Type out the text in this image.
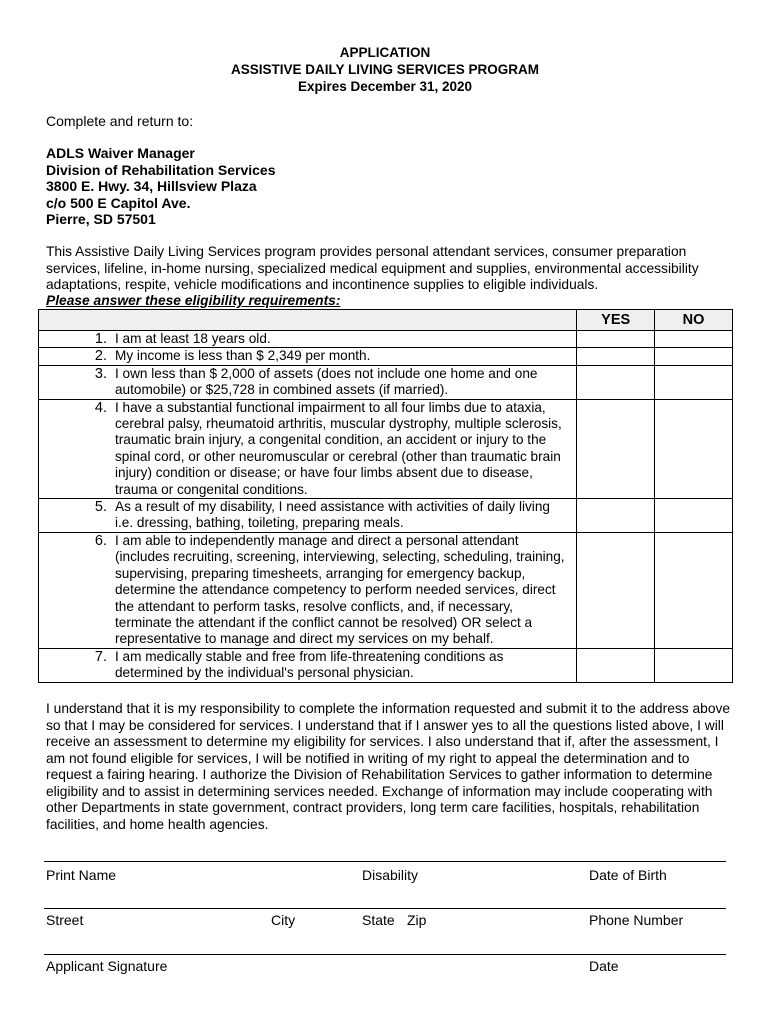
APPLICATION
ASSISTIVE DAILY LIVING SERVICES PROGRAM
Expires December 31, 2020
Complete and return to:
ADLS Waiver Manager
Division of Rehabilitation Services
3800 E. Hwy. 34, Hillsview Plaza
c/o 500 E Capitol Ave.
Pierre, SD 57501
This Assistive Daily Living Services program provides personal attendant services, consumer preparation services, lifeline, in-home nursing, specialized medical equipment and supplies, environmental accessibility adaptations, respite, vehicle modifications and incontinence supplies to eligible individuals.
Please answer these eligibility requirements:
	YES	NO

1. I am at least 18 years old.		

2. My income is less than $ 2,349 per month.		

3. I own less than $ 2,000 of assets (does not include one home and one automobile) or $25,728 in combined assets (if married).		

4. I have a substantial functional impairment to all four limbs due to ataxia, cerebral palsy, rheumatoid arthritis, muscular dystrophy, multiple sclerosis, traumatic brain injury, a congenital condition, an accident or injury to the spinal cord, or other neuromuscular or cerebral (other than traumatic brain injury) condition or disease; or have four limbs absent due to disease, trauma or congenital conditions.		

5. As a result of my disability, I need assistance with activities of daily living i.e. dressing, bathing, toileting, preparing meals.		

6. I am able to independently manage and direct a personal attendant (includes recruiting, screening, interviewing, selecting, scheduling, training, supervising, preparing timesheets, arranging for emergency backup, determine the attendance competency to perform needed services, direct the attendant to perform tasks, resolve conflicts, and, if necessary, terminate the attendant if the conflict cannot be resolved) OR select a representative to manage and direct my services on my behalf.		

7. I am medically stable and free from life-threatening conditions as determined by the individual's personal physician.		

I understand that it is my responsibility to complete the information requested and submit it to the address above so that I may be considered for services. I understand that if I answer yes to all the questions listed above, I will receive an assessment to determine my eligibility for services. I also understand that if, after the assessment, I am not found eligible for services, I will be notified in writing of my right to appeal the determination and to request a fairing hearing. I authorize the Division of Rehabilitation Services to gather information to determine eligibility and to assist in determining services needed. Exchange of information may include cooperating with other Departments in state government, contract providers, long term care facilities, hospitals, rehabilitation facilities, and home health agencies.
Print Name	Disability	Date of Birth
Street	City	State Zip	Phone Number
Applicant Signature	Date
